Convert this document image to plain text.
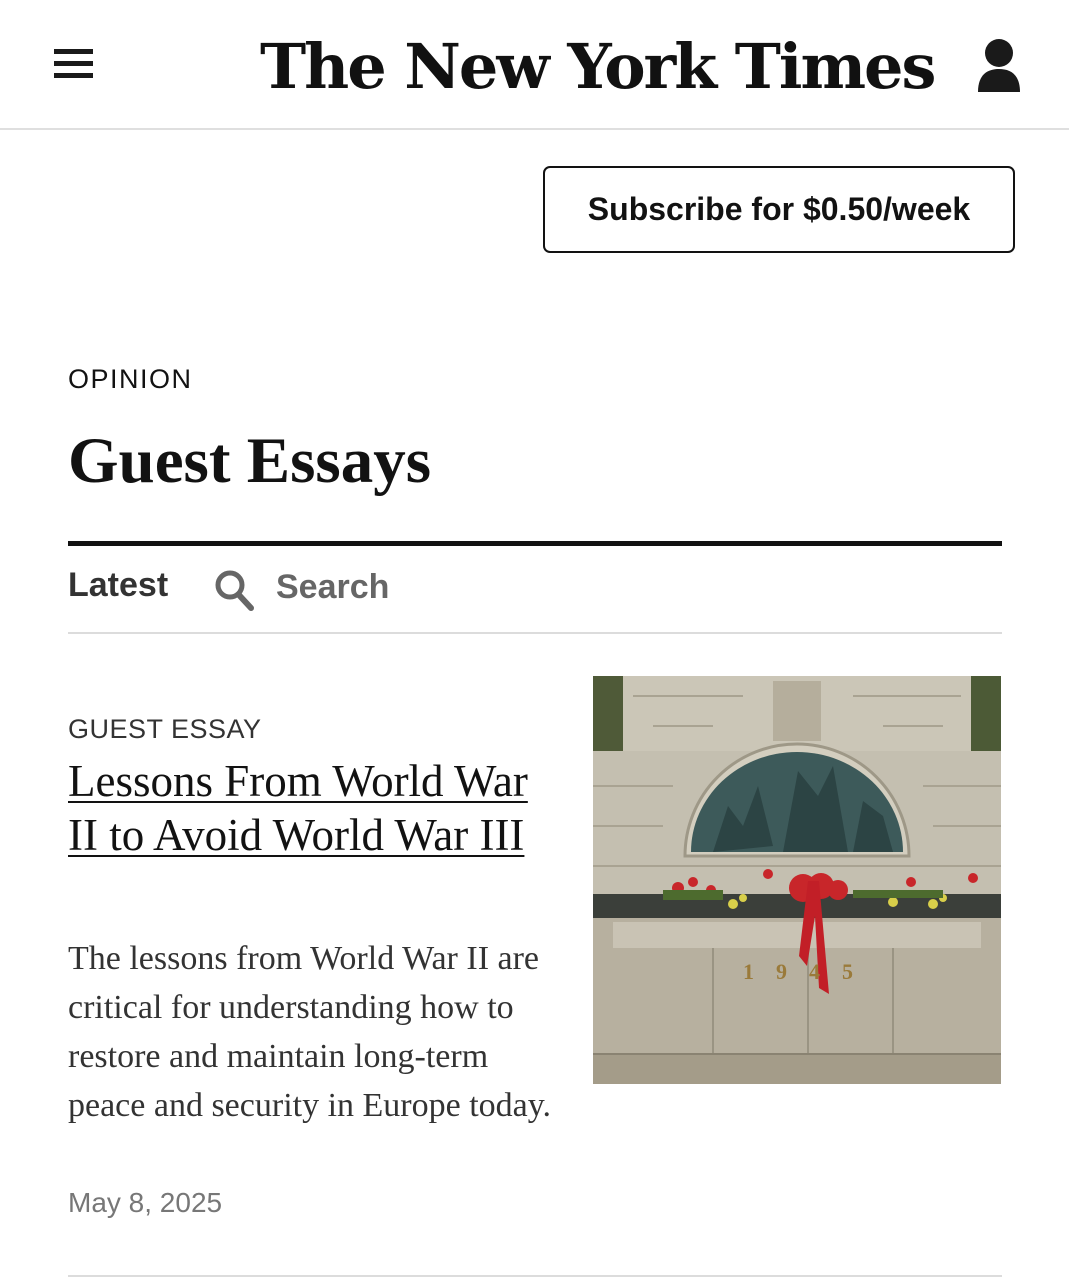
The New York Times
Subscribe for $0.50/week
OPINION
Guest Essays
Latest	Search
GUEST ESSAY
Lessons From World War II to Avoid World War III

The lessons from World War II are critical for understanding how to restore and maintain long-term peace and security in Europe today.

May 8, 2025
1945
